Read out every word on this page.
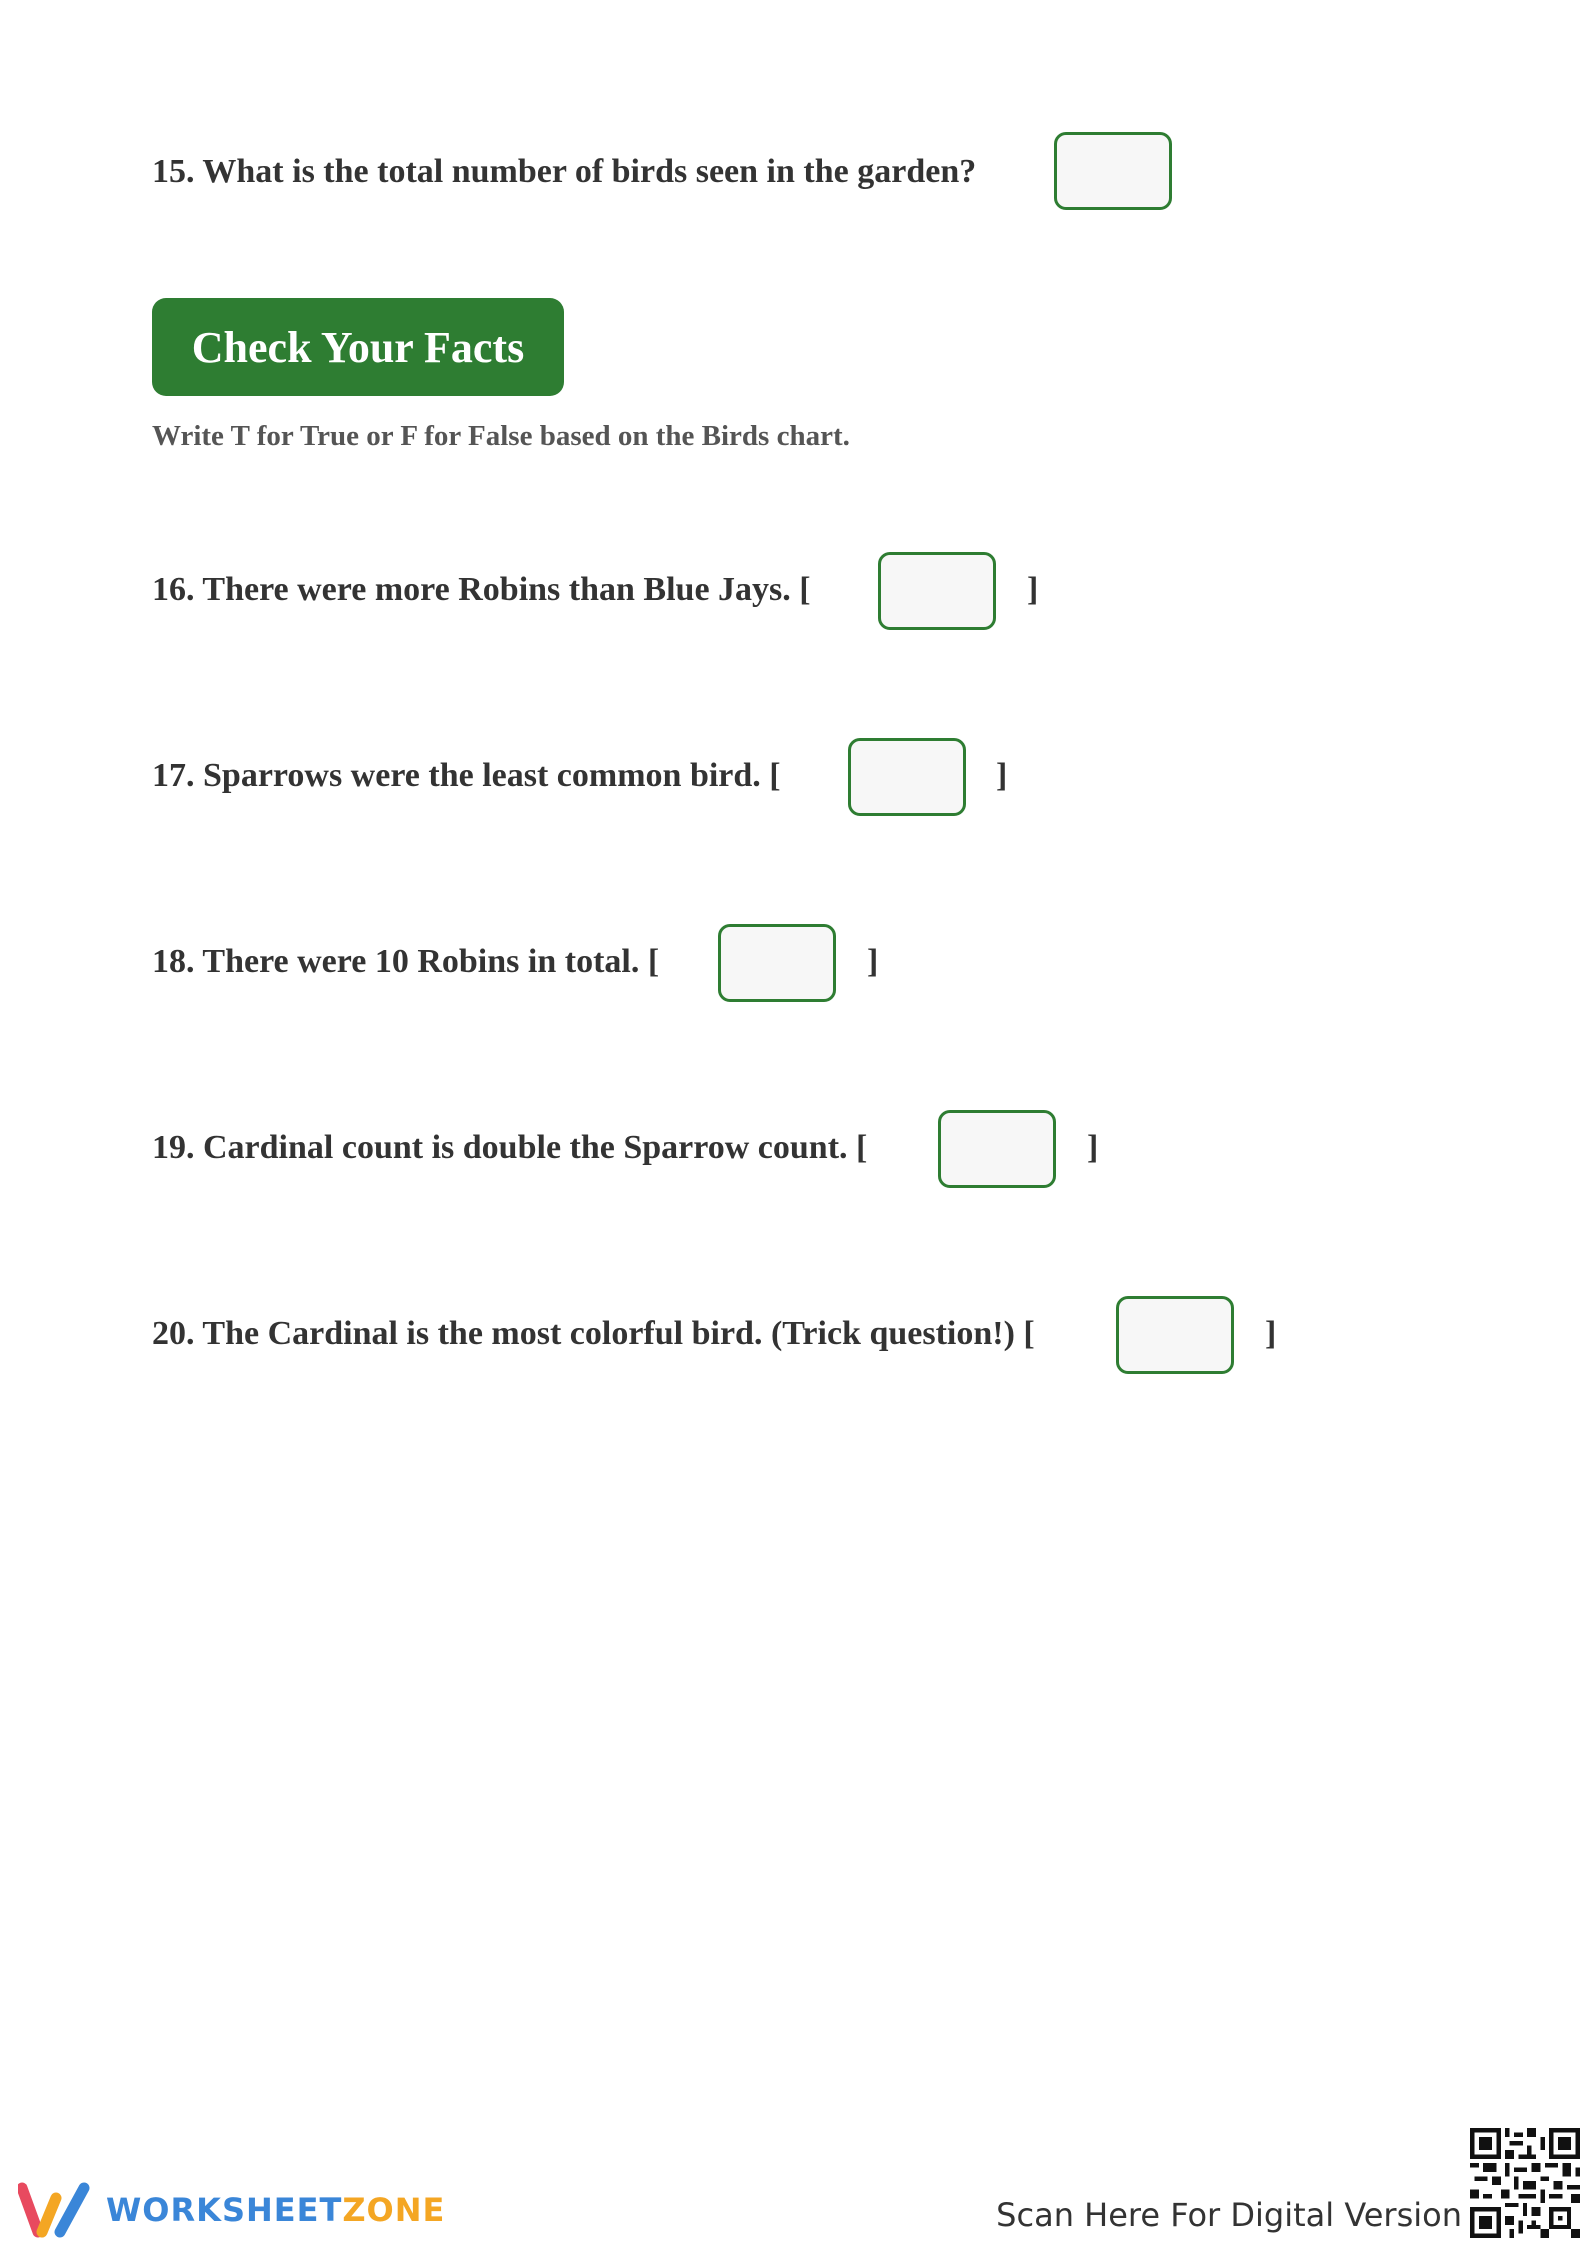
15. What is the total number of birds seen in the garden?
Check Your Facts
Write T for True or F for False based on the Birds chart.
16. There were more Robins than Blue Jays. [	]
17. Sparrows were the least common bird. [	]
18. There were 10 Robins in total. [	]
19. Cardinal count is double the Sparrow count. [	]
20. The Cardinal is the most colorful bird. (Trick question!) [	]
WORKSHEETZONE	Scan Here For Digital Version
